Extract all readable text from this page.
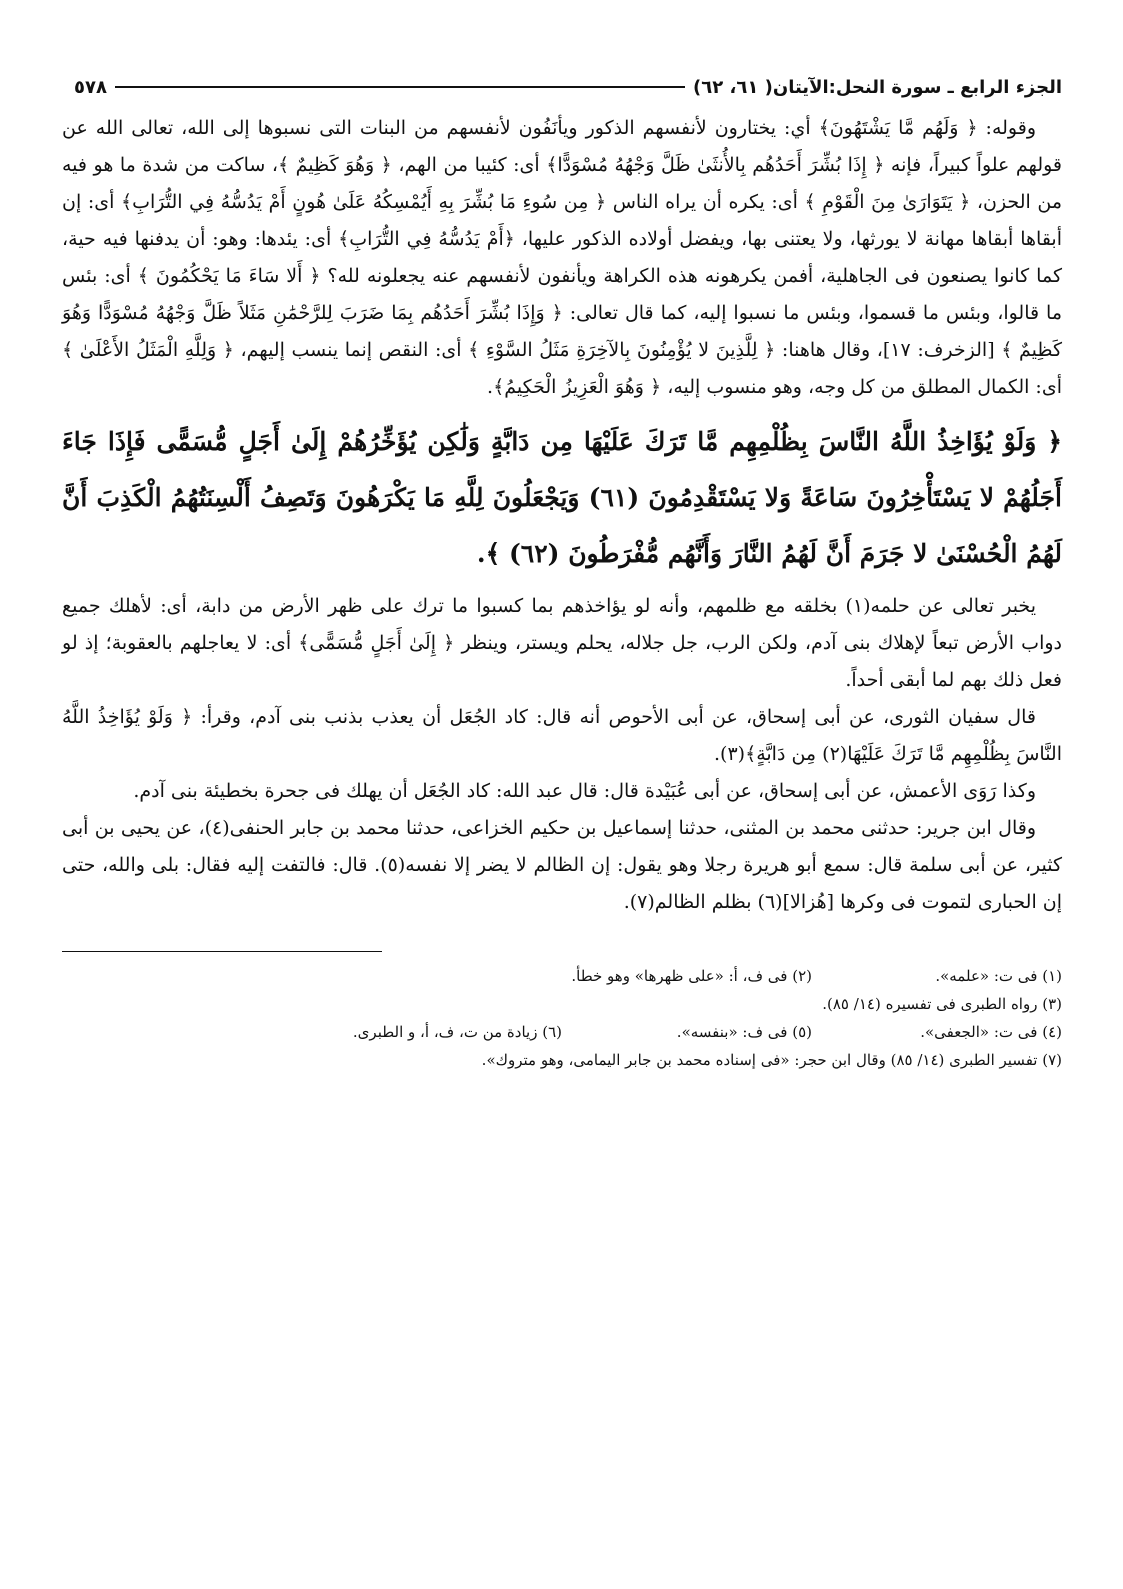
الجزء الرابع ـ سورة النحل:الآيتان( ٦١، ٦٢)
٥٧٨

وقوله: ﴿ وَلَهُم مَّا يَشْتَهُونَ﴾ أي: يختارون لأنفسهم الذكور ويأنَفُون لأنفسهم من البنات التى نسبوها إلى الله، تعالى الله عن قولهم علواً كبيراً، فإنه ﴿ إِذَا بُشِّرَ أَحَدُهُم بِالأُنثَىٰ ظَلَّ وَجْهُهُ مُسْوَدًّا﴾ أى: كئيبا من الهم، ﴿ وَهُوَ كَظِيمٌ ﴾، ساكت من شدة ما هو فيه من الحزن، ﴿ يَتَوَارَىٰ مِنَ الْقَوْمِ ﴾ أى: يكره أن يراه الناس ﴿ مِن سُوءِ مَا بُشِّرَ بِهِ أَيُمْسِكُهُ عَلَىٰ هُونٍ أَمْ يَدُسُّهُ فِي التُّرَابِ﴾ أى: إن أبقاها أبقاها مهانة لا يورثها، ولا يعتنى بها، ويفضل أولاده الذكور عليها، ﴿أَمْ يَدُسُّهُ فِي التُّرَابِ﴾ أى: يئدها: وهو: أن يدفنها فيه حية، كما كانوا يصنعون فى الجاهلية، أفمن يكرهونه هذه الكراهة ويأنفون لأنفسهم عنه يجعلونه لله؟ ﴿ أَلا سَاءَ مَا يَحْكُمُونَ ﴾ أى: بئس ما قالوا، وبئس ما قسموا، وبئس ما نسبوا إليه، كما قال تعالى: ﴿ وَإِذَا بُشِّرَ أَحَدُهُم بِمَا ضَرَبَ لِلرَّحْمَٰنِ مَثَلاً ظَلَّ وَجْهُهُ مُسْوَدًّا وَهُوَ كَظِيمٌ ﴾ [الزخرف: ١٧]، وقال هاهنا: ﴿ لِلَّذِينَ لا يُؤْمِنُونَ بِالآخِرَةِ مَثَلُ السَّوْءِ ﴾ أى: النقص إنما ينسب إليهم، ﴿ وَلِلَّهِ الْمَثَلُ الأَعْلَىٰ ﴾ أى: الكمال المطلق من كل وجه، وهو منسوب إليه، ﴿ وَهُوَ الْعَزِيزُ الْحَكِيمُ﴾.

﴿ وَلَوْ يُؤَاخِذُ اللَّهُ النَّاسَ بِظُلْمِهِم مَّا تَرَكَ عَلَيْهَا مِن دَابَّةٍ وَلَٰكِن يُؤَخِّرُهُمْ إِلَىٰ أَجَلٍ مُّسَمًّى فَإِذَا جَاءَ أَجَلُهُمْ لا يَسْتَأْخِرُونَ سَاعَةً وَلا يَسْتَقْدِمُونَ (٦١) وَيَجْعَلُونَ لِلَّهِ مَا يَكْرَهُونَ وَتَصِفُ أَلْسِنَتُهُمُ الْكَذِبَ أَنَّ لَهُمُ الْحُسْنَىٰ لا جَرَمَ أَنَّ لَهُمُ النَّارَ وَأَنَّهُم مُّفْرَطُونَ (٦٢) ﴾.

يخبر تعالى عن حلمه(١) بخلقه مع ظلمهم، وأنه لو يؤاخذهم بما كسبوا ما ترك على ظهر الأرض من دابة، أى: لأهلك جميع دواب الأرض تبعاً لإهلاك بنى آدم، ولكن الرب، جل جلاله، يحلم ويستر، وينظر ﴿ إِلَىٰ أَجَلٍ مُّسَمًّى﴾ أى: لا يعاجلهم بالعقوبة؛ إذ لو فعل ذلك بهم لما أبقى أحداً.

قال سفيان الثورى، عن أبى إسحاق، عن أبى الأحوص أنه قال: كاد الجُعَل أن يعذب بذنب بنى آدم، وقرأ: ﴿ وَلَوْ يُؤَاخِذُ اللَّهُ النَّاسَ بِظُلْمِهِم مَّا تَرَكَ عَلَيْهَا(٢) مِن دَابَّةٍ﴾(٣).

وكذا رَوَى الأعمش، عن أبى إسحاق، عن أبى عُبَيْدة قال: قال عبد الله: كاد الجُعَل أن يهلك فى جحرة بخطيئة بنى آدم.

وقال ابن جرير: حدثنى محمد بن المثنى، حدثنا إسماعيل بن حكيم الخزاعى، حدثنا محمد بن جابر الحنفى(٤)، عن يحيى بن أبى كثير، عن أبى سلمة قال: سمع أبو هريرة رجلا وهو يقول: إن الظالم لا يضر إلا نفسه(٥). قال: فالتفت إليه فقال: بلى والله، حتى إن الحبارى لتموت فى وكرها [هُزالا](٦) بظلم الظالم(٧).

(١) فى ت: «علمه».
(٢) فى ف، أ: «على ظهرها» وهو خطأ.
(٣) رواه الطبرى فى تفسيره (١٤/ ٨٥).
(٤) فى ت: «الجعفى».
(٥) فى ف: «بنفسه».
(٦) زيادة من ت، ف، أ، و الطبرى.
(٧) تفسير الطبرى (١٤/ ٨٥) وقال ابن حجر: «فى إسناده محمد بن جابر اليمامى، وهو متروك».
